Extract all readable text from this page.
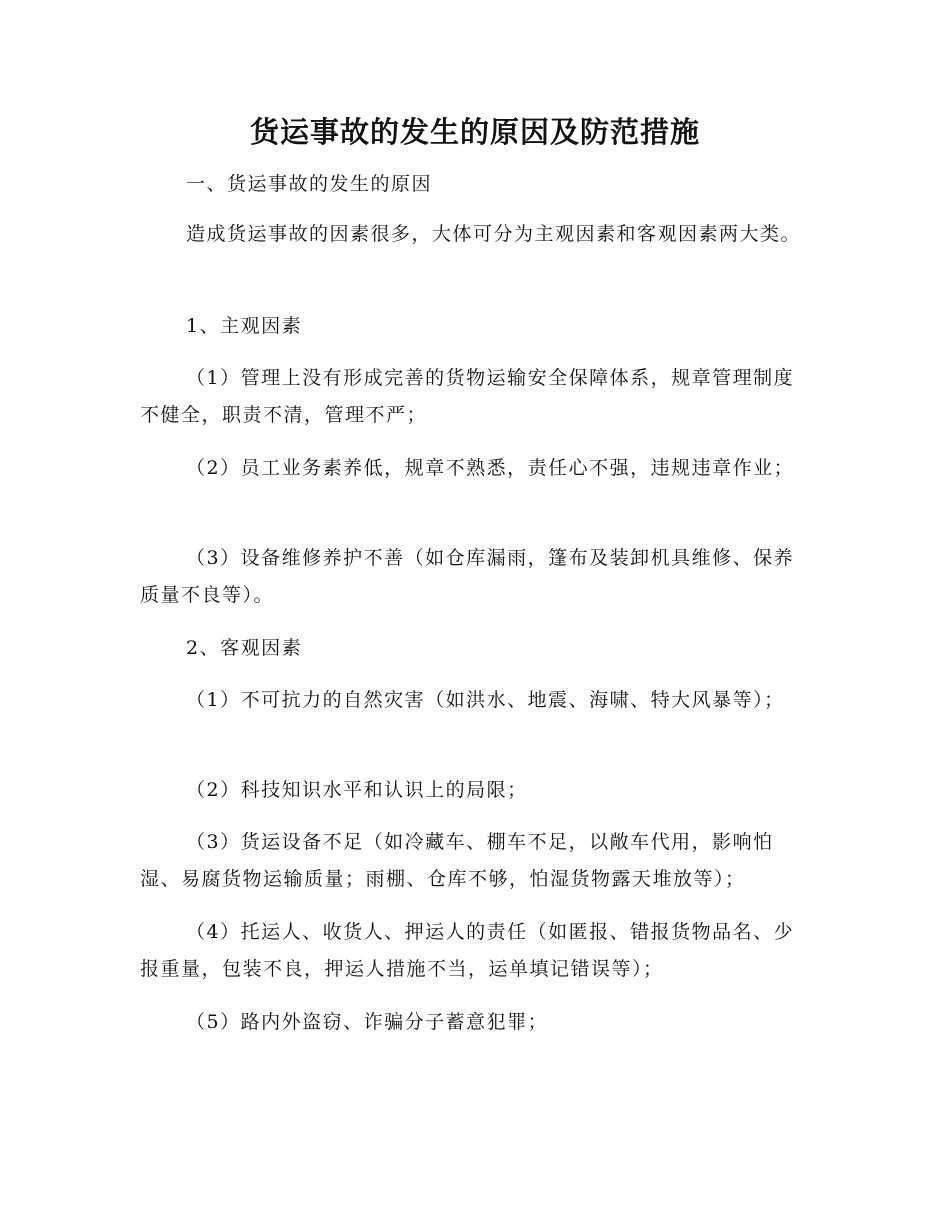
货运事故的发生的原因及防范措施

一、货运事故的发生的原因

造成货运事故的因素很多，大体可分为主观因素和客观因素两大类。

1、主观因素

（1）管理上没有形成完善的货物运输安全保障体系，规章管理制度不健全，职责不清，管理不严；

（2）员工业务素养低，规章不熟悉，责任心不强，违规违章作业；

（3）设备维修养护不善（如仓库漏雨，篷布及装卸机具维修、保养质量不良等）。

2、客观因素

（1）不可抗力的自然灾害（如洪水、地震、海啸、特大风暴等）；

（2）科技知识水平和认识上的局限；

（3）货运设备不足（如冷藏车、棚车不足，以敞车代用，影响怕湿、易腐货物运输质量；雨棚、仓库不够，怕湿货物露天堆放等）；

（4）托运人、收货人、押运人的责任（如匿报、错报货物品名、少报重量，包装不良，押运人措施不当，运单填记错误等）；

（5）路内外盗窃、诈骗分子蓄意犯罪；
